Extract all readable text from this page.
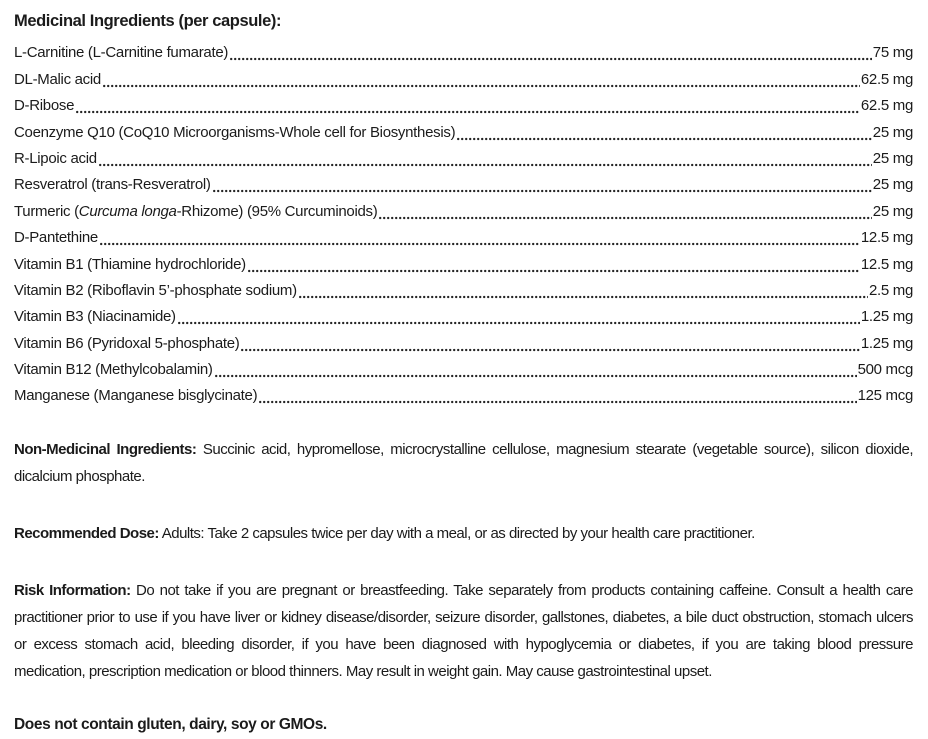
Medicinal Ingredients (per capsule):
L-Carnitine (L-Carnitine fumarate)	75 mg
DL-Malic acid	62.5 mg
D-Ribose	62.5 mg
Coenzyme Q10 (CoQ10 Microorganisms-Whole cell for Biosynthesis)	25 mg
R-Lipoic acid	25 mg
Resveratrol (trans-Resveratrol)	25 mg
Turmeric (Curcuma longa-Rhizome) (95% Curcuminoids)	25 mg
D-Pantethine	12.5 mg
Vitamin B1 (Thiamine hydrochloride)	12.5 mg
Vitamin B2 (Riboflavin 5’-phosphate sodium)	2.5 mg
Vitamin B3 (Niacinamide)	1.25 mg
Vitamin B6 (Pyridoxal 5-phosphate)	1.25 mg
Vitamin B12 (Methylcobalamin)	500 mcg
Manganese (Manganese bisglycinate)	125 mcg

Non-Medicinal Ingredients: Succinic acid, hypromellose, microcrystalline cellulose, magnesium stearate (vegetable source), silicon dioxide, dicalcium phosphate.

Recommended Dose: Adults: Take 2 capsules twice per day with a meal, or as directed by your health care practitioner.

Risk Information: Do not take if you are pregnant or breastfeeding. Take separately from products containing caffeine. Consult a health care practitioner prior to use if you have liver or kidney disease/disorder, seizure disorder, gallstones, diabetes, a bile duct obstruction, stomach ulcers or excess stomach acid, bleeding disorder, if you have been diagnosed with hypoglycemia or diabetes, if you are taking blood pressure medication, prescription medication or blood thinners. May result in weight gain. May cause gastrointestinal upset.

Does not contain gluten, dairy, soy or GMOs.
